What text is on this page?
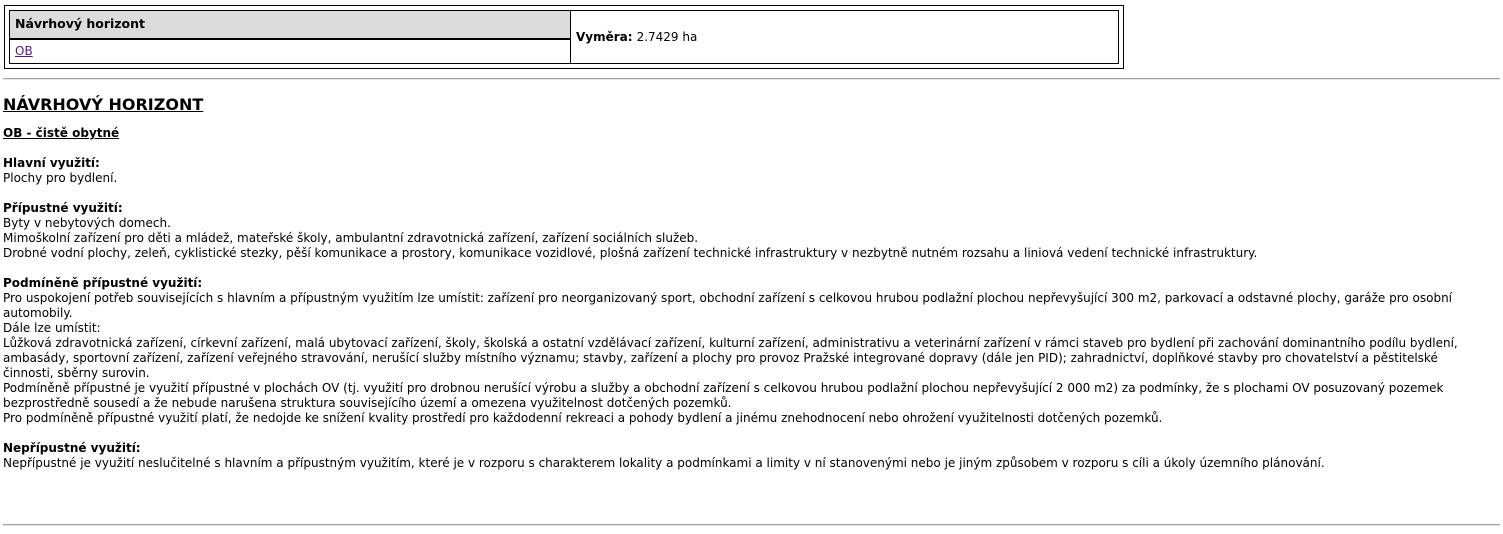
Návrhový horizont
OB
Vyměra: 2.7429 ha
NÁVRHOVÝ HORIZONT
OB - čistě obytné
Hlavní využití:
Plochy pro bydlení.
Přípustné využití:
Byty v nebytových domech.
Mimoškolní zařízení pro děti a mládež, mateřské školy, ambulantní zdravotnická zařízení, zařízení sociálních služeb.
Drobné vodní plochy, zeleň, cyklistické stezky, pěší komunikace a prostory, komunikace vozidlové, plošná zařízení technické infrastruktury v nezbytně nutném rozsahu a liniová vedení technické infrastruktury.
Podmíněně přípustné využití:
Pro uspokojení potřeb souvisejících s hlavním a přípustným využitím lze umístit: zařízení pro neorganizovaný sport, obchodní zařízení s celkovou hrubou podlažní plochou nepřevyšující 300 m2, parkovací a odstavné plochy, garáže pro osobní automobily.
Dále lze umístit:
Lůžková zdravotnická zařízení, církevní zařízení, malá ubytovací zařízení, školy, školská a ostatní vzdělávací zařízení, kulturní zařízení, administrativu a veterinární zařízení v rámci staveb pro bydlení při zachování dominantního podílu bydlení, ambasády, sportovní zařízení, zařízení veřejného stravování, nerušící služby místního významu; stavby, zařízení a plochy pro provoz Pražské integrované dopravy (dále jen PID); zahradnictví, doplňkové stavby pro chovatelství a pěstitelské činnosti, sběrny surovin.
Podmíněně přípustné je využití přípustné v plochách OV (tj. využití pro drobnou nerušící výrobu a služby a obchodní zařízení s celkovou hrubou podlažní plochou nepřevyšující 2 000 m2) za podmínky, že s plochami OV posuzovaný pozemek bezprostředně sousedí a že nebude narušena struktura souvisejícího území a omezena využitelnost dotčených pozemků.
Pro podmíněně přípustné využití platí, že nedojde ke snížení kvality prostředí pro každodenní rekreaci a pohody bydlení a jinému znehodnocení nebo ohrožení využitelnosti dotčených pozemků.
Nepřípustné využití:
Nepřípustné je využití neslučitelné s hlavním a přípustným využitím, které je v rozporu s charakterem lokality a podmínkami a limity v ní stanovenými nebo je jiným způsobem v rozporu s cíli a úkoly územního plánování.
